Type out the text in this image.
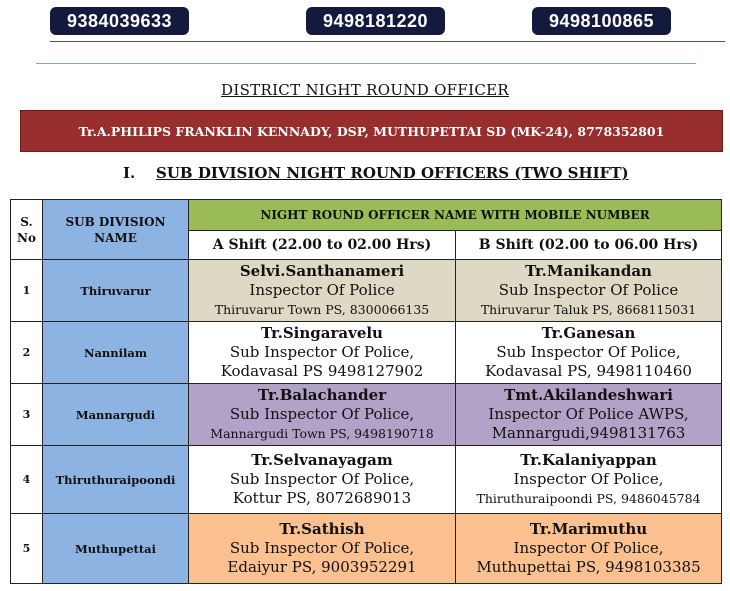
9384039633	9498181220	9498100865
DISTRICT NIGHT ROUND OFFICER
Tr.A.PHILIPS FRANKLIN KENNADY, DSP, MUTHUPETTAI SD (MK-24), 8778352801
I. SUB DIVISION NIGHT ROUND OFFICERS (TWO SHIFT)
S. No	SUB DIVISION NAME	NIGHT ROUND OFFICER NAME WITH MOBILE NUMBER	
		A Shift (22.00 to 02.00 Hrs)	B Shift (02.00 to 06.00 Hrs)
1	Thiruvarur	Selvi.Santhanameri
Inspector Of Police
Thiruvarur Town PS, 8300066135	Tr.Manikandan
Sub Inspector Of Police
Thiruvarur Taluk PS, 8668115031

2	Nannilam	Tr.Singaravelu
Sub Inspector Of Police,
Kodavasal PS 9498127902	Tr.Ganesan
Sub Inspector Of Police,
Kodavasal PS, 9498110460

3	Mannargudi	Tr.Balachander
Sub Inspector Of Police,
Mannargudi Town PS, 9498190718	Tmt.Akilandeshwari
Inspector Of Police AWPS,
Mannargudi,9498131763

4	Thiruthuraipoondi	Tr.Selvanayagam
Sub Inspector Of Police,
Kottur PS, 8072689013	Tr.Kalaniyappan
Inspector Of Police,
Thiruthuraipoondi PS, 9486045784

5	Muthupettai	Tr.Sathish
Sub Inspector Of Police,
Edaiyur PS, 9003952291	Tr.Marimuthu
Inspector Of Police,
Muthupettai PS, 9498103385
